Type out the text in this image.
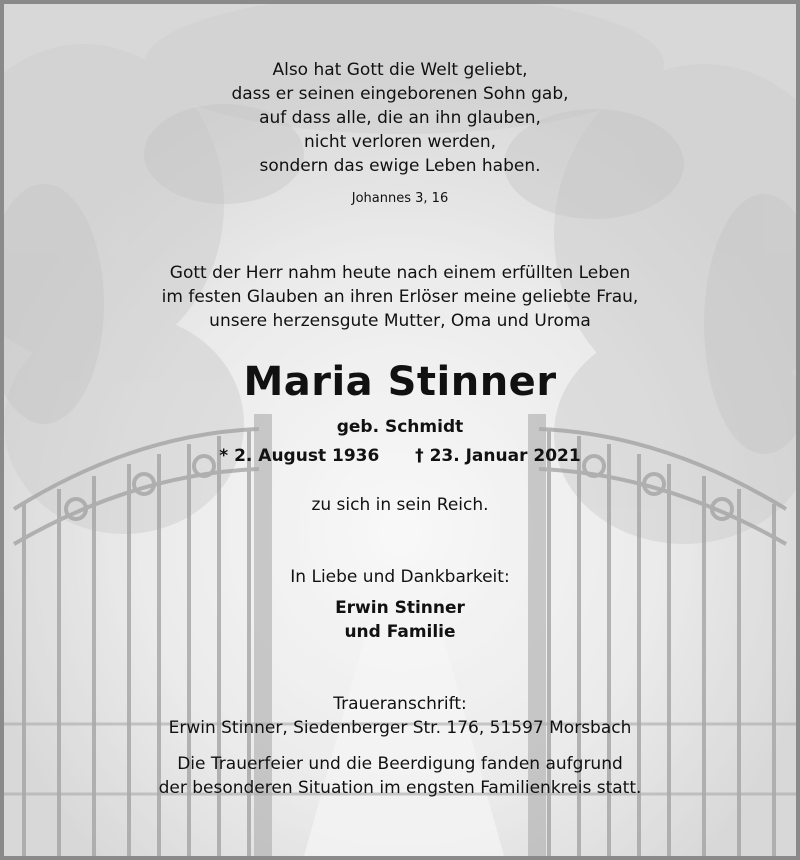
Also hat Gott die Welt geliebt,
dass er seinen eingeborenen Sohn gab,
auf dass alle, die an ihn glauben,
nicht verloren werden,
sondern das ewige Leben haben.
Johannes 3, 16
Gott der Herr nahm heute nach einem erfüllten Leben
im festen Glauben an ihren Erlöser meine geliebte Frau,
unsere herzensgute Mutter, Oma und Uroma
Maria Stinner
geb. Schmidt
* 2. August 1936 † 23. Januar 2021
zu sich in sein Reich.
In Liebe und Dankbarkeit:
Erwin Stinner
und Familie
Traueranschrift:
Erwin Stinner, Siedenberger Str. 176, 51597 Morsbach
Die Trauerfeier und die Beerdigung fanden aufgrund
der besonderen Situation im engsten Familienkreis statt.
